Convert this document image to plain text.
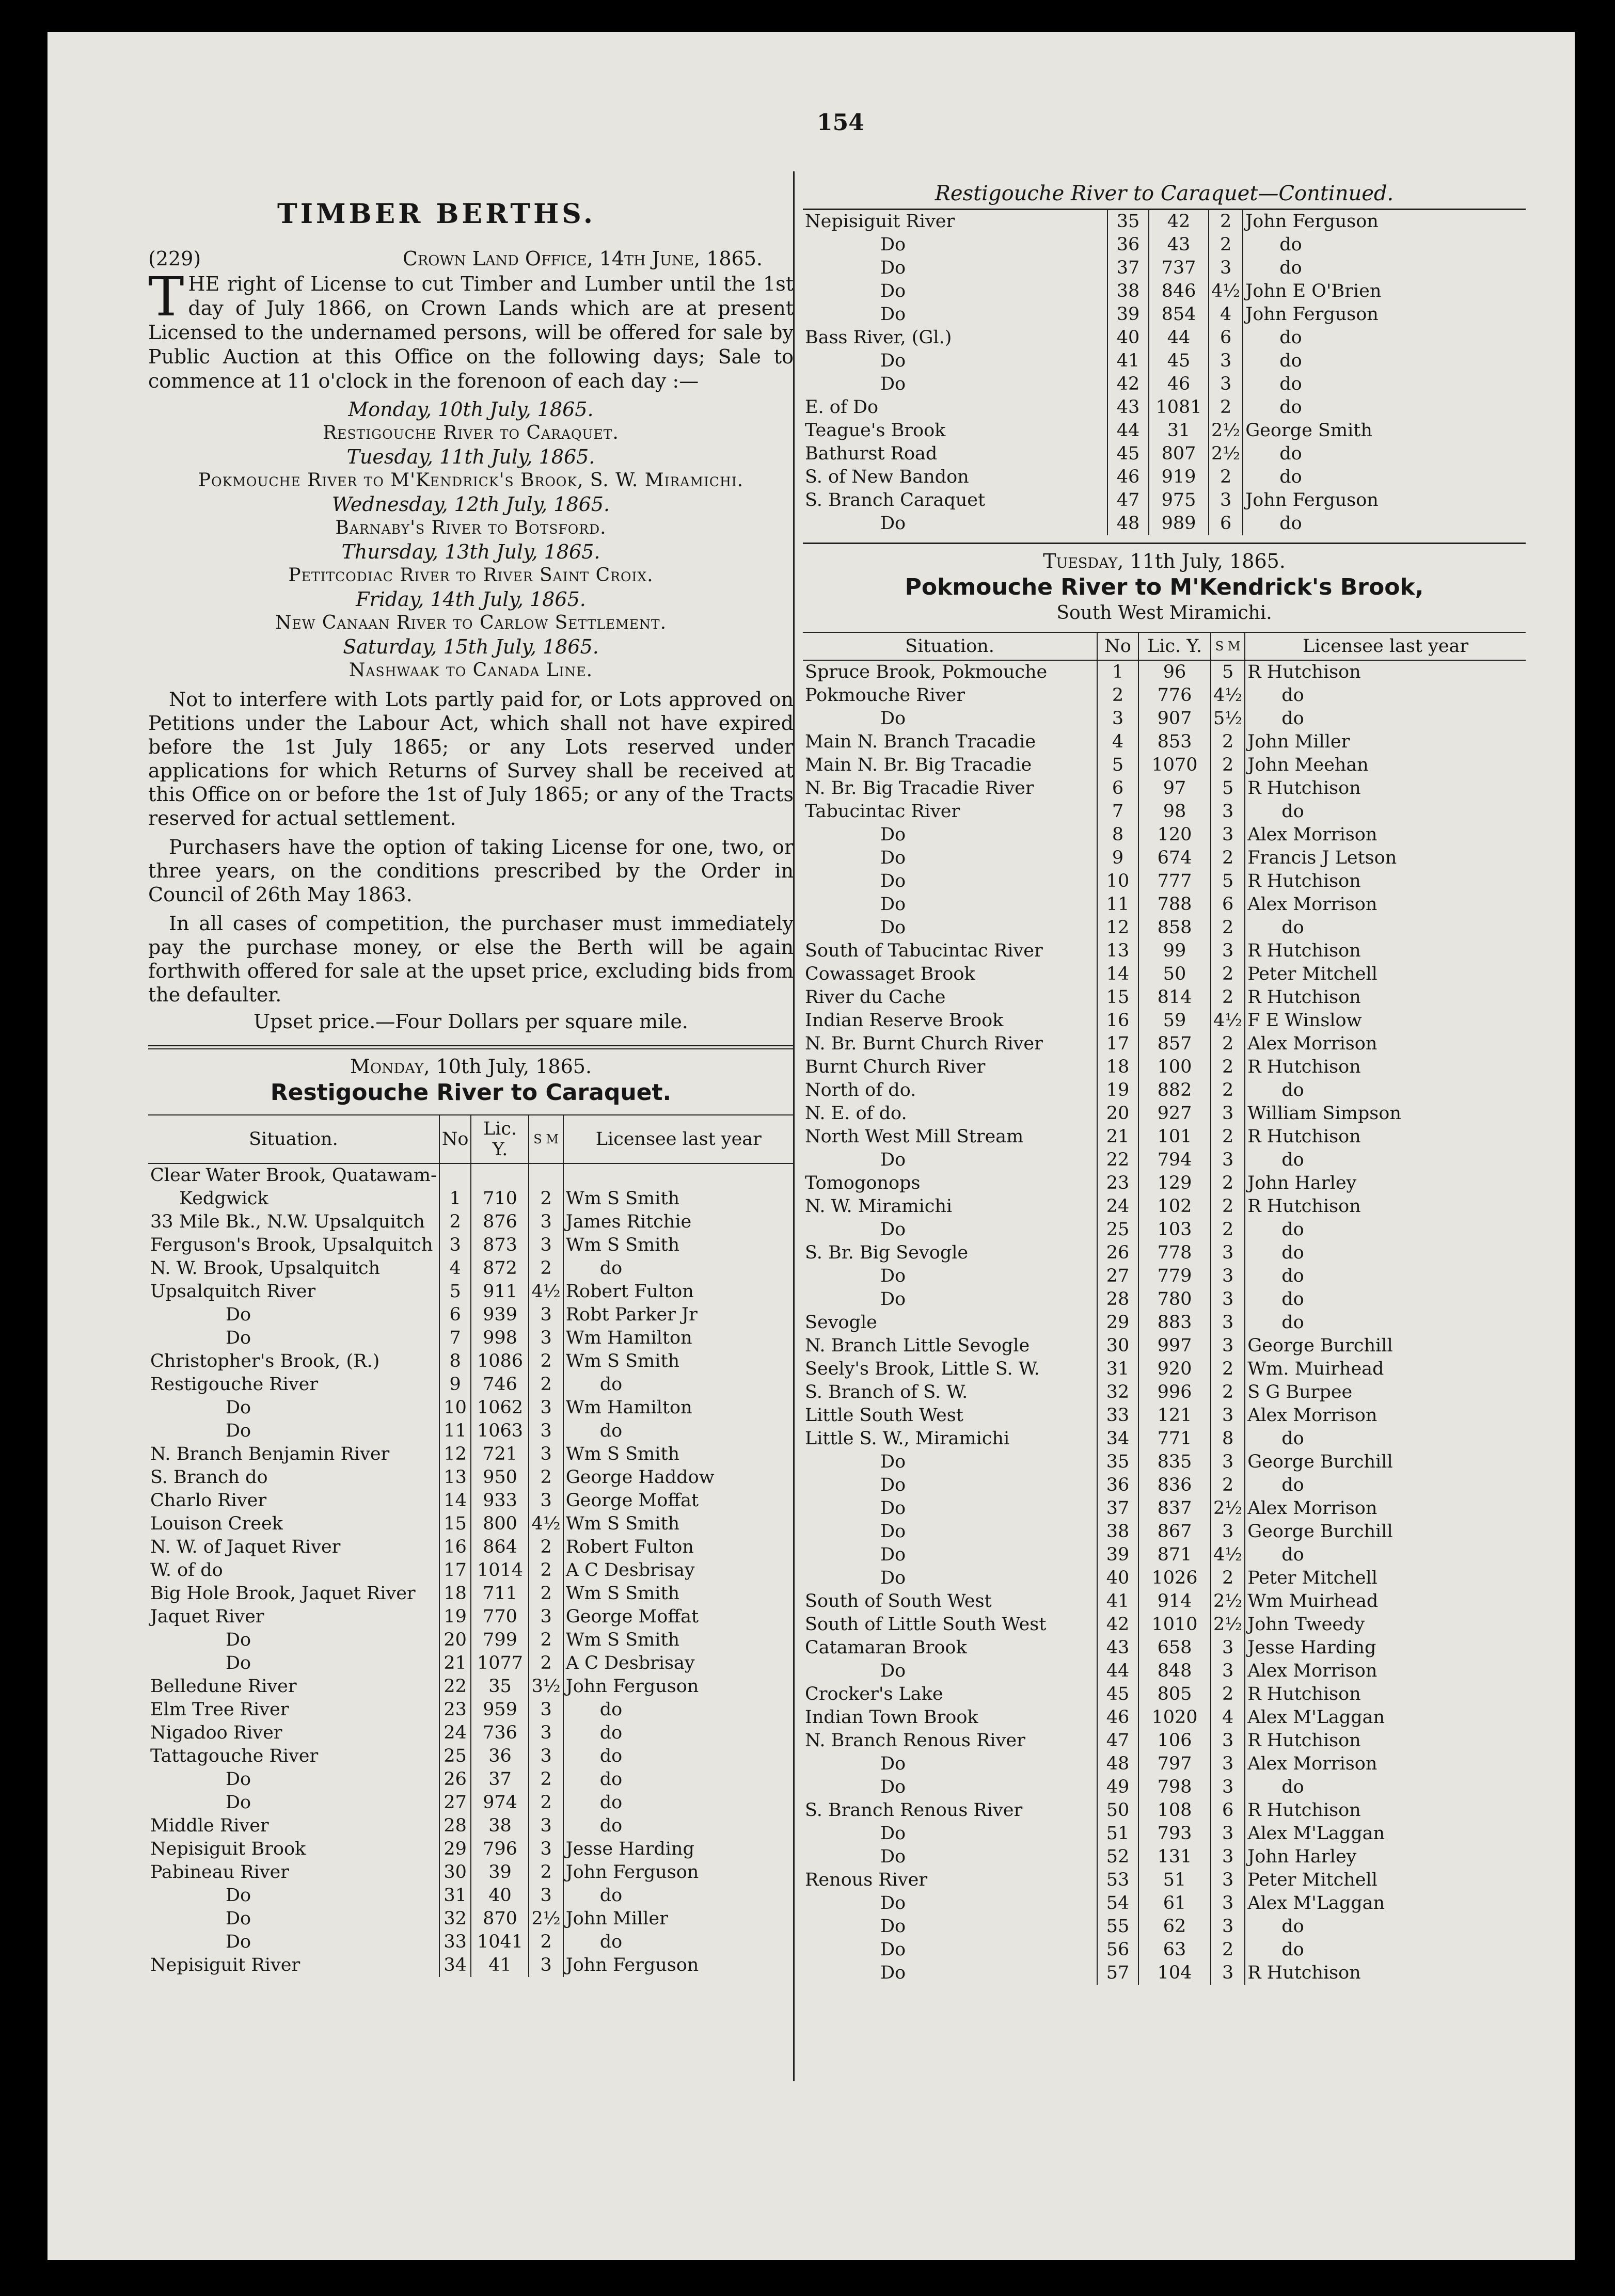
154
TIMBER BERTHS.
(229)	Crown Land Office, 14th June, 1865.
THE right of License to cut Timber and Lumber until the 1st day of July 1866, on Crown Lands which are at present Licensed to the undernamed persons, will be offered for sale by Public Auction at this Office on the following days; Sale to commence at 11 o'clock in the forenoon of each day :—
Monday, 10th July, 1865.
Restigouche River to Caraquet.
Tuesday, 11th July, 1865.
Pokmouche River to M'Kendrick's Brook, S. W. Miramichi.
Wednesday, 12th July, 1865.
Barnaby's River to Botsford.
Thursday, 13th July, 1865.
Petitcodiac River to River Saint Croix.
Friday, 14th July, 1865.
New Canaan River to Carlow Settlement.
Saturday, 15th July, 1865.
Nashwaak to Canada Line.
Not to interfere with Lots partly paid for, or Lots approved on Petitions under the Labour Act, which shall not have expired before the 1st July 1865; or any Lots reserved under applications for which Returns of Survey shall be received at this Office on or before the 1st of July 1865; or any of the Tracts reserved for actual settlement.
Purchasers have the option of taking License for one, two, or three years, on the conditions prescribed by the Order in Council of 26th May 1863.
In all cases of competition, the purchaser must immediately pay the purchase money, or else the Berth will be again forthwith offered for sale at the upset price, excluding bids from the defaulter.
Upset price.—Four Dollars per square mile.
Monday, 10th July, 1865.
Restigouche River to Caraquet.
Situation.	No	Lic. Y.	S M	Licensee last year
Clear Water Brook, Quatawam-				
Kedgwick	1	710	2	Wm S Smith
33 Mile Bk., N.W. Upsalquitch	2	876	3	James Ritchie
Ferguson's Brook, Upsalquitch	3	873	3	Wm S Smith
N. W. Brook, Upsalquitch	4	872	2	do
Upsalquitch River	5	911	4½	Robert Fulton
Do	6	939	3	Robt Parker Jr
Do	7	998	3	Wm Hamilton
Christopher's Brook, (R.)	8	1086	2	Wm S Smith
Restigouche River	9	746	2	do
Do	10	1062	3	Wm Hamilton
Do	11	1063	3	do
N. Branch Benjamin River	12	721	3	Wm S Smith
S. Branch do	13	950	2	George Haddow
Charlo River	14	933	3	George Moffat
Louison Creek	15	800	4½	Wm S Smith
N. W. of Jaquet River	16	864	2	Robert Fulton
W. of do	17	1014	2	A C Desbrisay
Big Hole Brook, Jaquet River	18	711	2	Wm S Smith
Jaquet River	19	770	3	George Moffat
Do	20	799	2	Wm S Smith
Do	21	1077	2	A C Desbrisay
Belledune River	22	35	3½	John Ferguson
Elm Tree River	23	959	3	do
Nigadoo River	24	736	3	do
Tattagouche River	25	36	3	do
Do	26	37	2	do
Do	27	974	2	do
Middle River	28	38	3	do
Nepisiguit Brook	29	796	3	Jesse Harding
Pabineau River	30	39	2	John Ferguson
Do	31	40	3	do
Do	32	870	2½	John Miller
Do	33	1041	2	do
Nepisiguit River	34	41	3	John Ferguson
Restigouche River to Caraquet—Continued.
Nepisiguit River	35	42	2	John Ferguson
Do	36	43	2	do
Do	37	737	3	do
Do	38	846	4½	John E O'Brien
Do	39	854	4	John Ferguson
Bass River, (Gl.)	40	44	6	do
Do	41	45	3	do
Do	42	46	3	do
E. of Do	43	1081	2	do
Teague's Brook	44	31	2½	George Smith
Bathurst Road	45	807	2½	do
S. of New Bandon	46	919	2	do
S. Branch Caraquet	47	975	3	John Ferguson
Do	48	989	6	do
Tuesday, 11th July, 1865.
Pokmouche River to M'Kendrick's Brook,
South West Miramichi.
Situation.	No	Lic. Y.	S M	Licensee last year
Spruce Brook, Pokmouche	1	96	5	R Hutchison
Pokmouche River	2	776	4½	do
Do	3	907	5½	do
Main N. Branch Tracadie	4	853	2	John Miller
Main N. Br. Big Tracadie	5	1070	2	John Meehan
N. Br. Big Tracadie River	6	97	5	R Hutchison
Tabucintac River	7	98	3	do
Do	8	120	3	Alex Morrison
Do	9	674	2	Francis J Letson
Do	10	777	5	R Hutchison
Do	11	788	6	Alex Morrison
Do	12	858	2	do
South of Tabucintac River	13	99	3	R Hutchison
Cowassaget Brook	14	50	2	Peter Mitchell
River du Cache	15	814	2	R Hutchison
Indian Reserve Brook	16	59	4½	F E Winslow
N. Br. Burnt Church River	17	857	2	Alex Morrison
Burnt Church River	18	100	2	R Hutchison
North of do.	19	882	2	do
N. E. of do.	20	927	3	William Simpson
North West Mill Stream	21	101	2	R Hutchison
Do	22	794	3	do
Tomogonops	23	129	2	John Harley
N. W. Miramichi	24	102	2	R Hutchison
Do	25	103	2	do
S. Br. Big Sevogle	26	778	3	do
Do	27	779	3	do
Do	28	780	3	do
Sevogle	29	883	3	do
N. Branch Little Sevogle	30	997	3	George Burchill
Seely's Brook, Little S. W.	31	920	2	Wm. Muirhead
S. Branch of S. W.	32	996	2	S G Burpee
Little South West	33	121	3	Alex Morrison
Little S. W., Miramichi	34	771	8	do
Do	35	835	3	George Burchill
Do	36	836	2	do
Do	37	837	2½	Alex Morrison
Do	38	867	3	George Burchill
Do	39	871	4½	do
Do	40	1026	2	Peter Mitchell
South of South West	41	914	2½	Wm Muirhead
South of Little South West	42	1010	2½	John Tweedy
Catamaran Brook	43	658	3	Jesse Harding
Do	44	848	3	Alex Morrison
Crocker's Lake	45	805	2	R Hutchison
Indian Town Brook	46	1020	4	Alex M'Laggan
N. Branch Renous River	47	106	3	R Hutchison
Do	48	797	3	Alex Morrison
Do	49	798	3	do
S. Branch Renous River	50	108	6	R Hutchison
Do	51	793	3	Alex M'Laggan
Do	52	131	3	John Harley
Renous River	53	51	3	Peter Mitchell
Do	54	61	3	Alex M'Laggan
Do	55	62	3	do
Do	56	63	2	do
Do	57	104	3	R Hutchison
